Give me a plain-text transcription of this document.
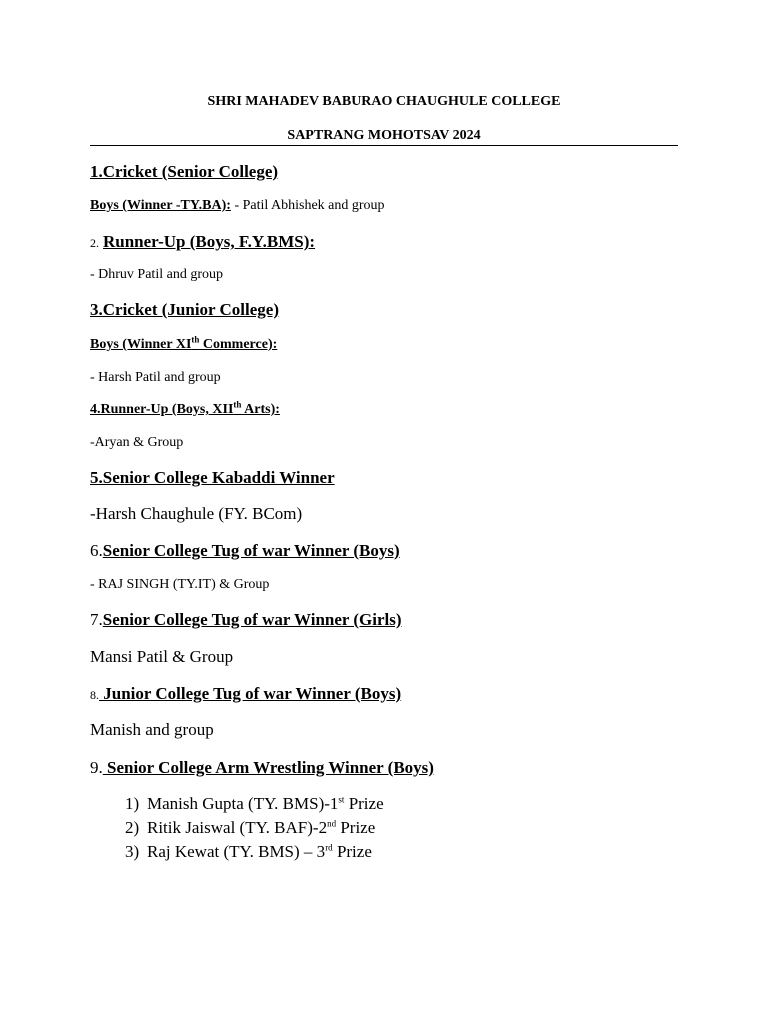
SHRI MAHADEV BABURAO CHAUGHULE COLLEGE
SAPTRANG MOHOTSAV 2024
1.Cricket (Senior College)
Boys (Winner -TY.BA): - Patil Abhishek and group
2. Runner-Up (Boys, F.Y.BMS):
- Dhruv Patil and group
3.Cricket (Junior College)
Boys (Winner XIth Commerce):
- Harsh Patil and group
4.Runner-Up (Boys, XIIth Arts):
-Aryan & Group
5.Senior College Kabaddi Winner
-Harsh Chaughule (FY. BCom)
6.Senior College Tug of war Winner (Boys)
- RAJ SINGH (TY.IT) & Group
7.Senior College Tug of war Winner (Girls)
Mansi Patil & Group
8. Junior College Tug of war Winner (Boys)
Manish and group
9. Senior College Arm Wrestling Winner (Boys)
1) Manish Gupta (TY. BMS)-1st Prize
2) Ritik Jaiswal (TY. BAF)-2nd Prize
3) Raj Kewat (TY. BMS) – 3rd Prize
